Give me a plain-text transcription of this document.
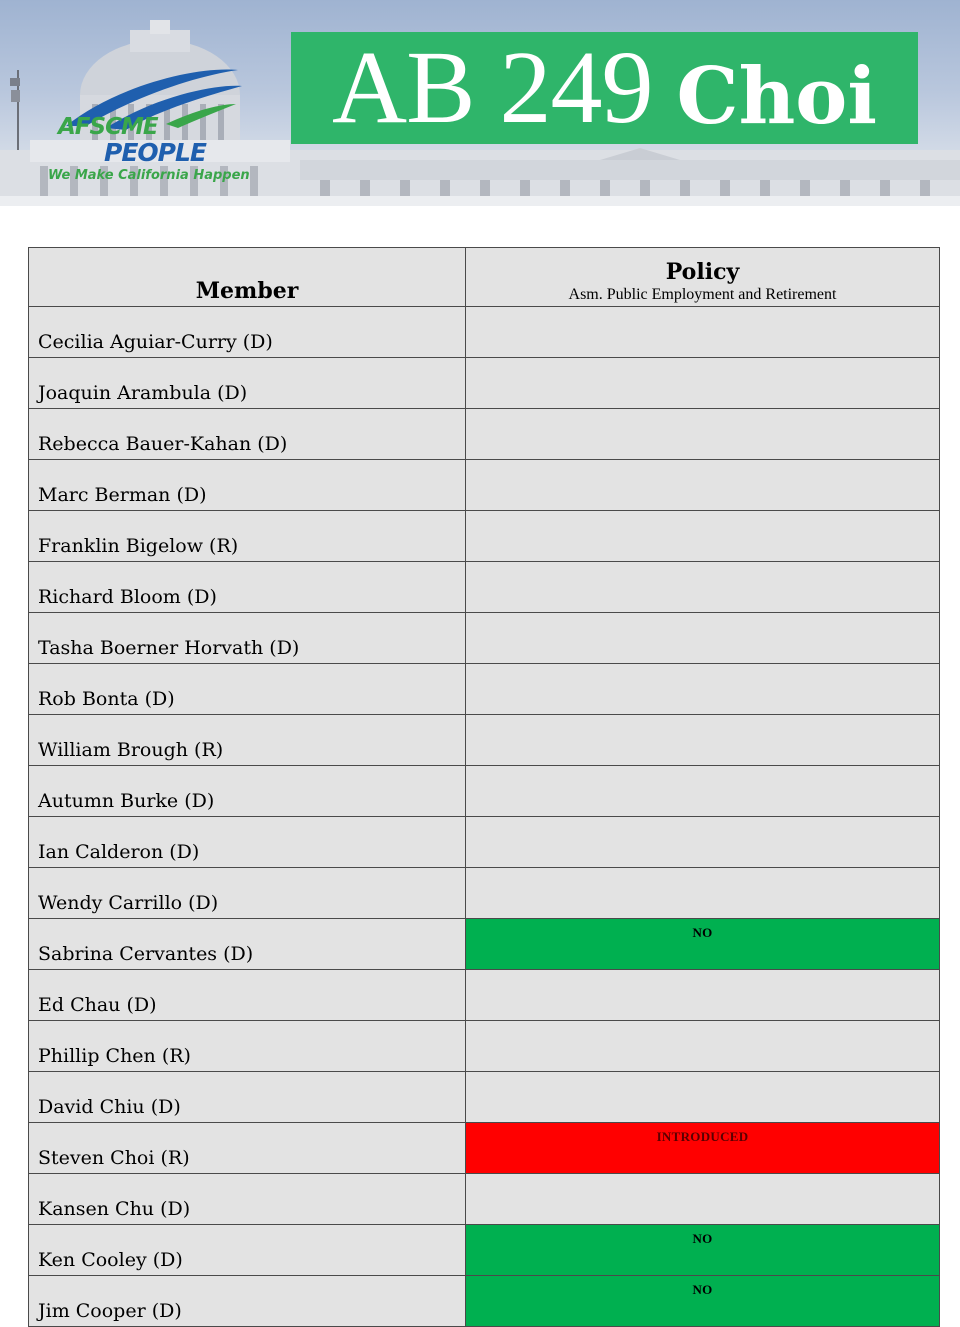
AFSCME
PEOPLE
We Make California Happen
AB 249 Choi
Member	Policy
Asm. Public Employment and Retirement

Cecilia Aguiar-Curry (D)	
Joaquin Arambula (D)	
Rebecca Bauer-Kahan (D)	
Marc Berman (D)	
Franklin Bigelow (R)	
Richard Bloom (D)	
Tasha Boerner Horvath (D)	
Rob Bonta (D)	
William Brough (R)	
Autumn Burke (D)	
Ian Calderon (D)	
Wendy Carrillo (D)	
Sabrina Cervantes (D)	NO
Ed Chau (D)	
Phillip Chen (R)	
David Chiu (D)	
Steven Choi (R)	INTRODUCED
Kansen Chu (D)	
Ken Cooley (D)	NO
Jim Cooper (D)	NO
